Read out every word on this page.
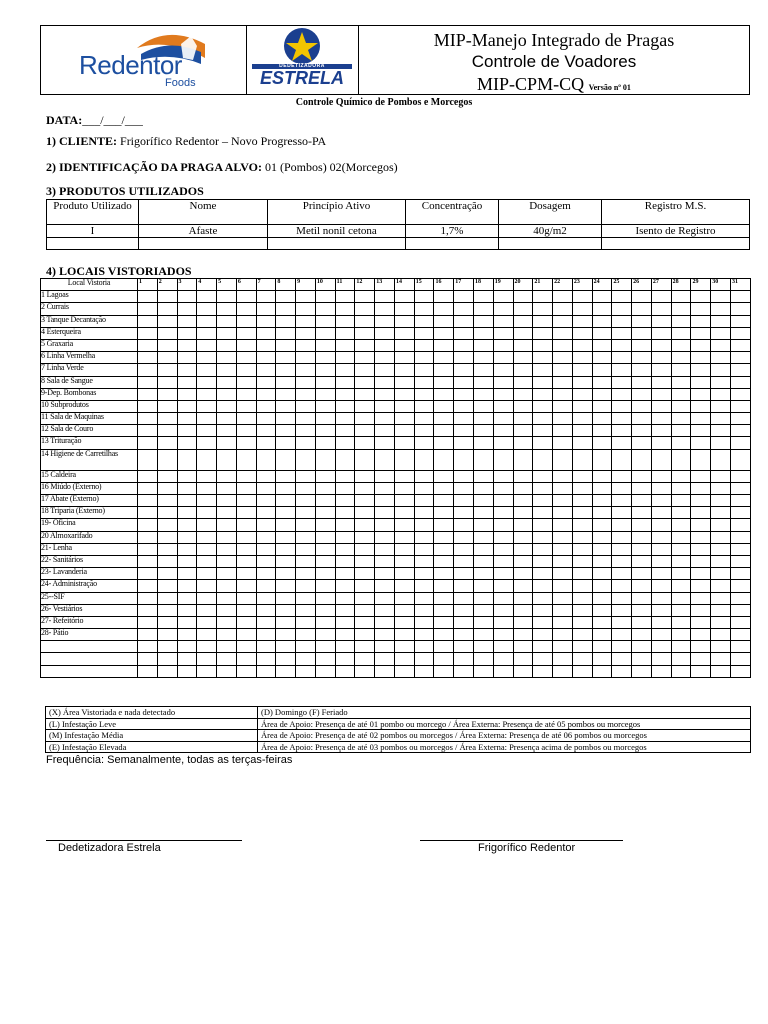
Redentor
Foods
DEDETIZADORA
ESTRELA
MIP-Manejo Integrado de Pragas
Controle de Voadores
MIP-CPM-CQ Versão nº 01
Controle Químico de Pombos e Morcegos
DATA:___/___/___
1) CLIENTE: Frigorífico Redentor – Novo Progresso-PA
2) IDENTIFICAÇÃO DA PRAGA ALVO: 01 (Pombos) 02(Morcegos)
3) PRODUTOS UTILIZADOS
Produto Utilizado	Nome	Princípio Ativo	Concentração	Dosagem	Registro M.S.
I	Afaste	Metil nonil cetona	1,7%	40g/m2	Isento de Registro

4) LOCAIS VISTORIADOS
Local Vistoria	1	2	3	4	5	6	7	8	9	10	11	12	13	14	15	16	17	18	19	20	21	22	23	24	25	26	27	28	29	30	31
1 Lagoas																															
2 Currais																															
3 Tanque Decantação																															
4 Esterqueira																															
5 Graxaria																															
6 Linha Vermelha																															
7 Linha Verde																															
8 Sala de Sangue																															
9-Dep. Bombonas																															
10 Subprodutos																															
11 Sala de Maquinas																															
12 Sala de Couro																															
13 Trituração																															
14 Higiene de Carretilhas																															
15 Caldeira																															
16 Miúdo (Externo)																															
17 Abate (Externo)																															
18 Triparia (Externo)																															
19- Oficina																															
20 Almoxarifado																															
21- Lenha																															
22- Sanitários																															
23- Lavanderia																															
24- Administração																															
25--SIF																															
26- Vestiários																															
27- Refeitório																															
28- Pátio																															

(X) Área Vistoriada e nada detectado	(D) Domingo (F) Feriado
(L) Infestação Leve	Área de Apoio: Presença de até 01 pombo ou morcego / Área Externa: Presença de até 05 pombos ou morcegos
(M) Infestação Média	Área de Apoio: Presença de até 02 pombos ou morcegos / Área Externa: Presença de até 06 pombos ou morcegos
(E) Infestação Elevada	Área de Apoio: Presença de até 03 pombos ou morcegos / Área Externa: Presença acima de pombos ou morcegos
Frequência: Semanalmente, todas as terças-feiras
Dedetizadora Estrela	Frigorífico Redentor
